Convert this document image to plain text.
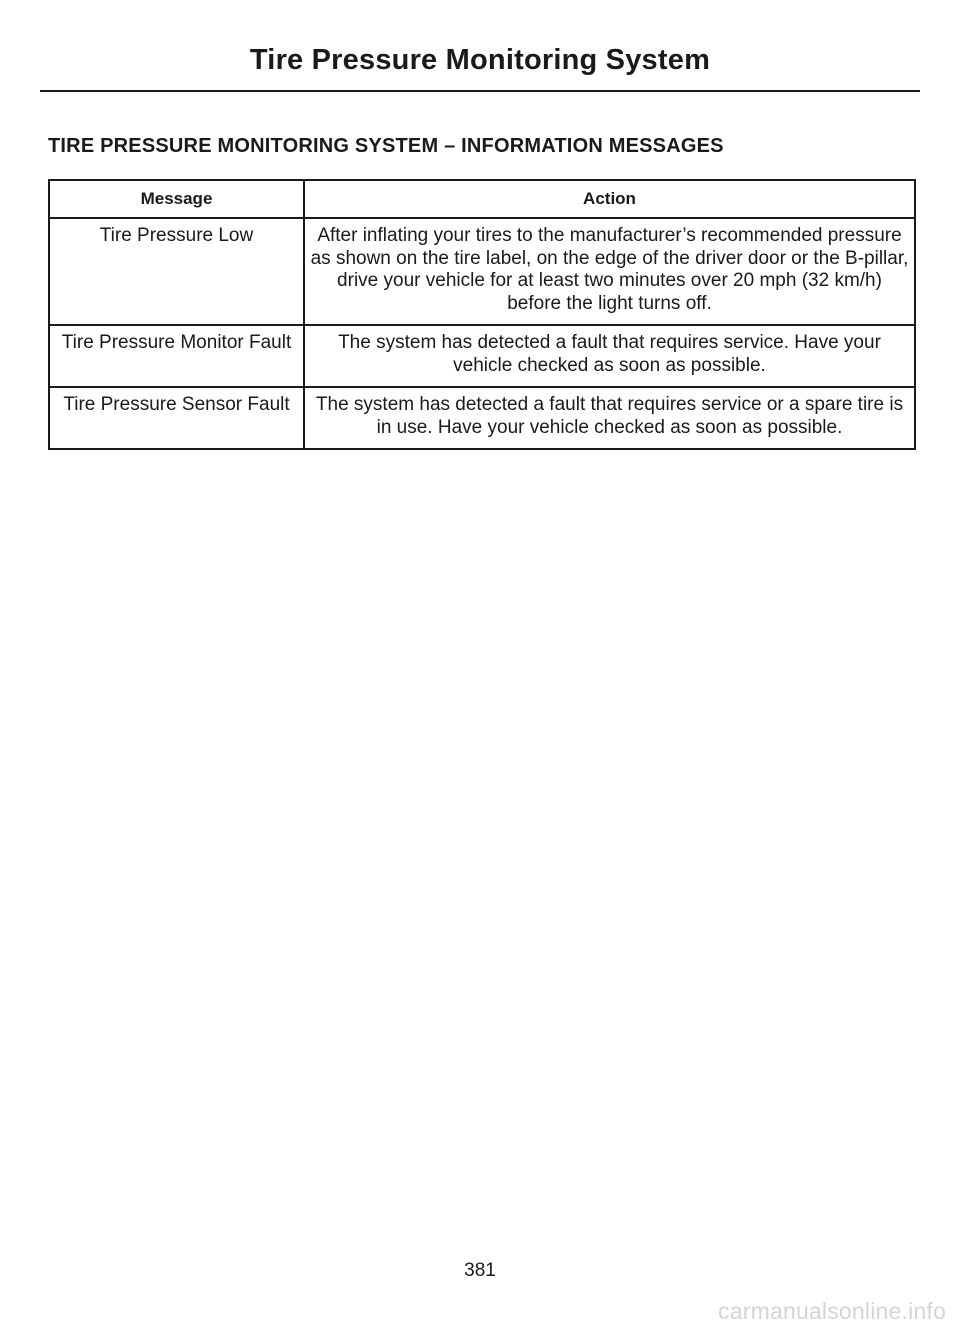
Tire Pressure Monitoring System
TIRE PRESSURE MONITORING SYSTEM – INFORMATION MESSAGES
Message	Action
Tire Pressure Low	After inflating your tires to the manufacturer’s recommended pressure as shown on the tire label, on the edge of the driver door or the B-pillar, drive your vehicle for at least two minutes over 20 mph (32 km/h) before the light turns off.
Tire Pressure Monitor Fault	The system has detected a fault that requires service. Have your vehicle checked as soon as possible.
Tire Pressure Sensor Fault	The system has detected a fault that requires service or a spare tire is in use. Have your vehicle checked as soon as possible.
381
carmanualsonline.info
